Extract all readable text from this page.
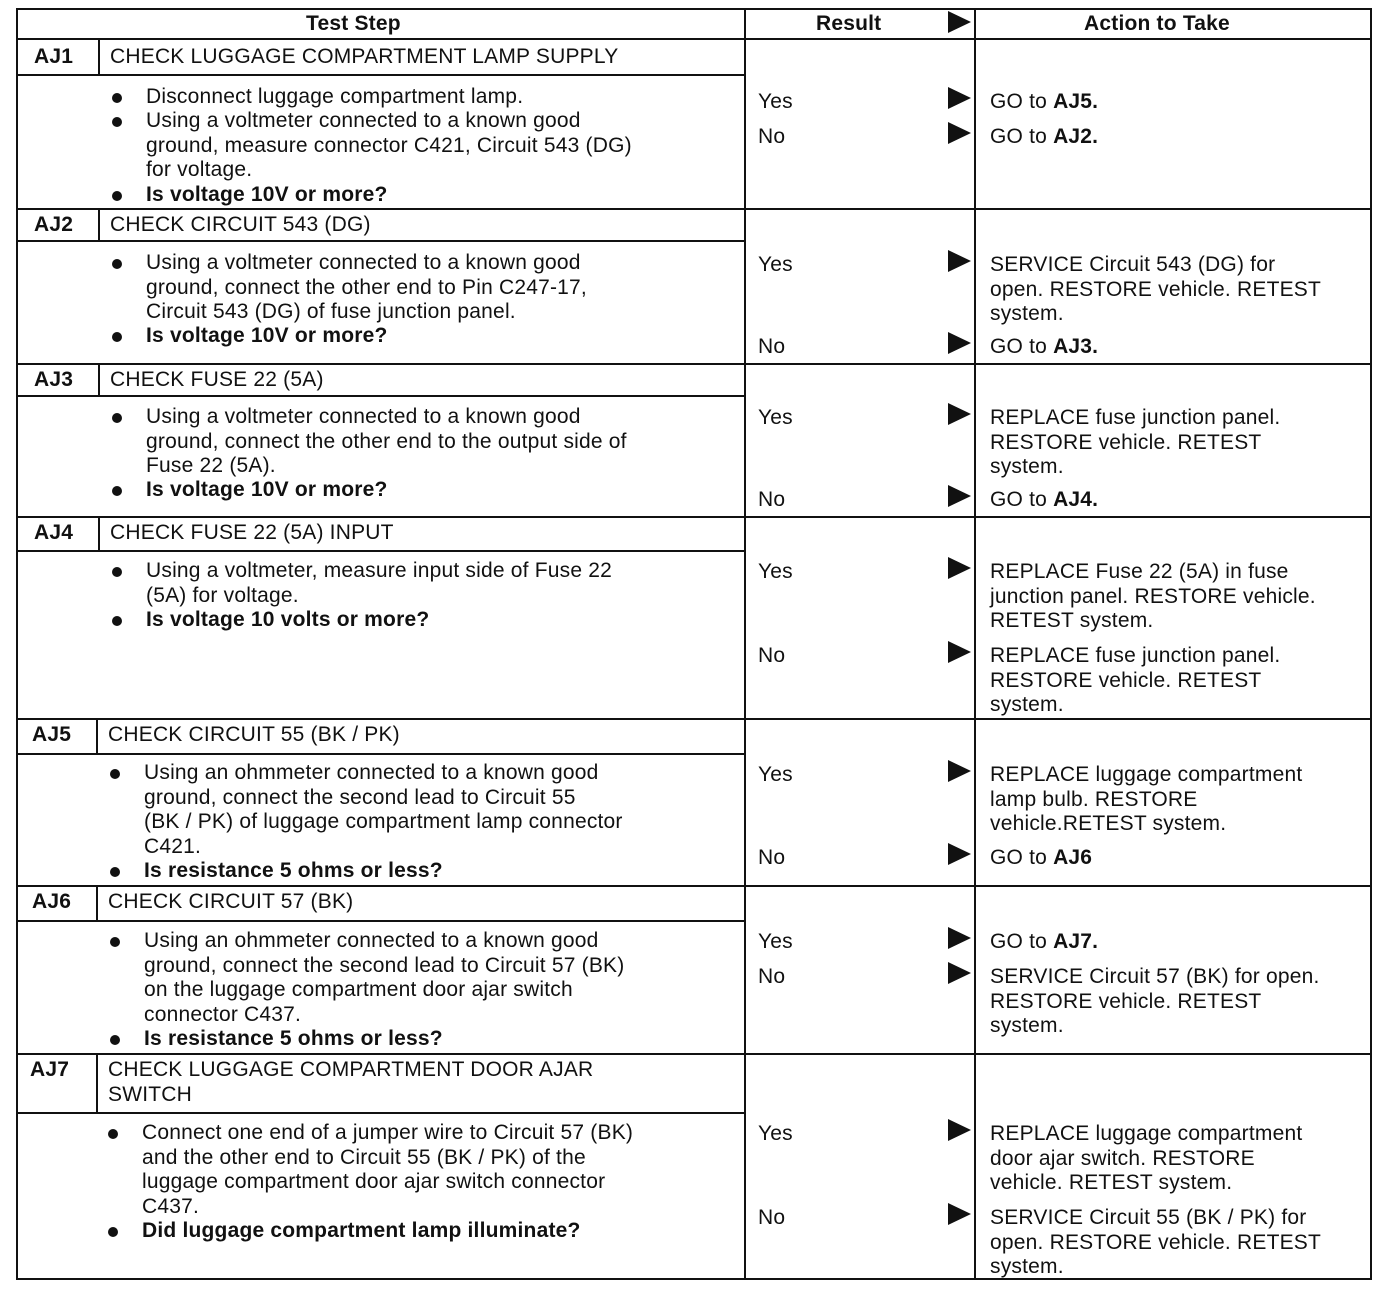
Test Step	Result	Action to Take
AJ1 CHECK LUGGAGE COMPARTMENT LAMP SUPPLY
Disconnect luggage compartment lamp.
Using a voltmeter connected to a known good
ground, measure connector C421, Circuit 543 (DG)
for voltage.
Is voltage 10V or more?
Yes	GO to AJ5.
No	GO to AJ2.
AJ2 CHECK CIRCUIT 543 (DG)
Using a voltmeter connected to a known good
ground, connect the other end to Pin C247-17,
Circuit 543 (DG) of fuse junction panel.
Is voltage 10V or more?
Yes	SERVICE Circuit 543 (DG) for
open. RESTORE vehicle. RETEST
system.
No	GO to AJ3.
AJ3 CHECK FUSE 22 (5A)
Using a voltmeter connected to a known good
ground, connect the other end to the output side of
Fuse 22 (5A).
Is voltage 10V or more?
Yes	REPLACE fuse junction panel.
RESTORE vehicle. RETEST
system.
No	GO to AJ4.
AJ4 CHECK FUSE 22 (5A) INPUT
Using a voltmeter, measure input side of Fuse 22
(5A) for voltage.
Is voltage 10 volts or more?
Yes	REPLACE Fuse 22 (5A) in fuse
junction panel. RESTORE vehicle.
RETEST system.
No	REPLACE fuse junction panel.
RESTORE vehicle. RETEST
system.
AJ5 CHECK CIRCUIT 55 (BK / PK)
Using an ohmmeter connected to a known good
ground, connect the second lead to Circuit 55
(BK / PK) of luggage compartment lamp connector
C421.
Is resistance 5 ohms or less?
Yes	REPLACE luggage compartment
lamp bulb. RESTORE
vehicle.RETEST system.
No	GO to AJ6
AJ6 CHECK CIRCUIT 57 (BK)
Using an ohmmeter connected to a known good
ground, connect the second lead to Circuit 57 (BK)
on the luggage compartment door ajar switch
connector C437.
Is resistance 5 ohms or less?
Yes	GO to AJ7.
No	SERVICE Circuit 57 (BK) for open.
RESTORE vehicle. RETEST
system.
AJ7 CHECK LUGGAGE COMPARTMENT DOOR AJAR
SWITCH
Connect one end of a jumper wire to Circuit 57 (BK)
and the other end to Circuit 55 (BK / PK) of the
luggage compartment door ajar switch connector
C437.
Did luggage compartment lamp illuminate?
Yes	REPLACE luggage compartment
door ajar switch. RESTORE
vehicle. RETEST system.
No	SERVICE Circuit 55 (BK / PK) for
open. RESTORE vehicle. RETEST
system.
